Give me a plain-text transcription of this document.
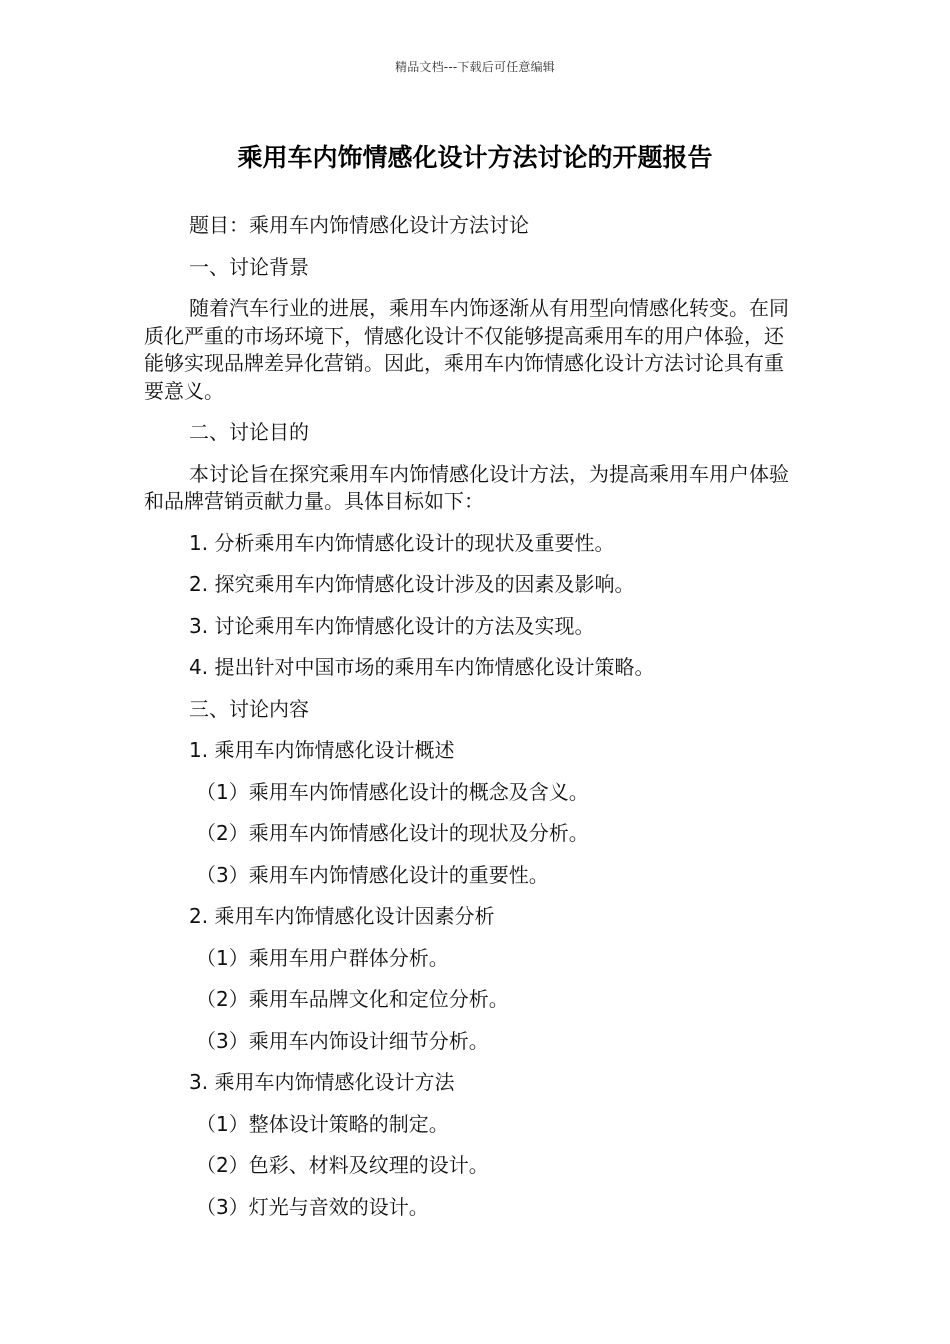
精品文档---下载后可任意编辑
乘用车内饰情感化设计方法讨论的开题报告
题目：乘用车内饰情感化设计方法讨论
一、讨论背景
随着汽车行业的进展，乘用车内饰逐渐从有用型向情感化转变。在同质化严重的市场环境下，情感化设计不仅能够提高乘用车的用户体验，还能够实现品牌差异化营销。因此，乘用车内饰情感化设计方法讨论具有重要意义。
二、讨论目的
本讨论旨在探究乘用车内饰情感化设计方法，为提高乘用车用户体验和品牌营销贡献力量。具体目标如下：
1. 分析乘用车内饰情感化设计的现状及重要性。
2. 探究乘用车内饰情感化设计涉及的因素及影响。
3. 讨论乘用车内饰情感化设计的方法及实现。
4. 提出针对中国市场的乘用车内饰情感化设计策略。
三、讨论内容
1. 乘用车内饰情感化设计概述
（1）乘用车内饰情感化设计的概念及含义。
（2）乘用车内饰情感化设计的现状及分析。
（3）乘用车内饰情感化设计的重要性。
2. 乘用车内饰情感化设计因素分析
（1）乘用车用户群体分析。
（2）乘用车品牌文化和定位分析。
（3）乘用车内饰设计细节分析。
3. 乘用车内饰情感化设计方法
（1）整体设计策略的制定。
（2）色彩、材料及纹理的设计。
（3）灯光与音效的设计。
